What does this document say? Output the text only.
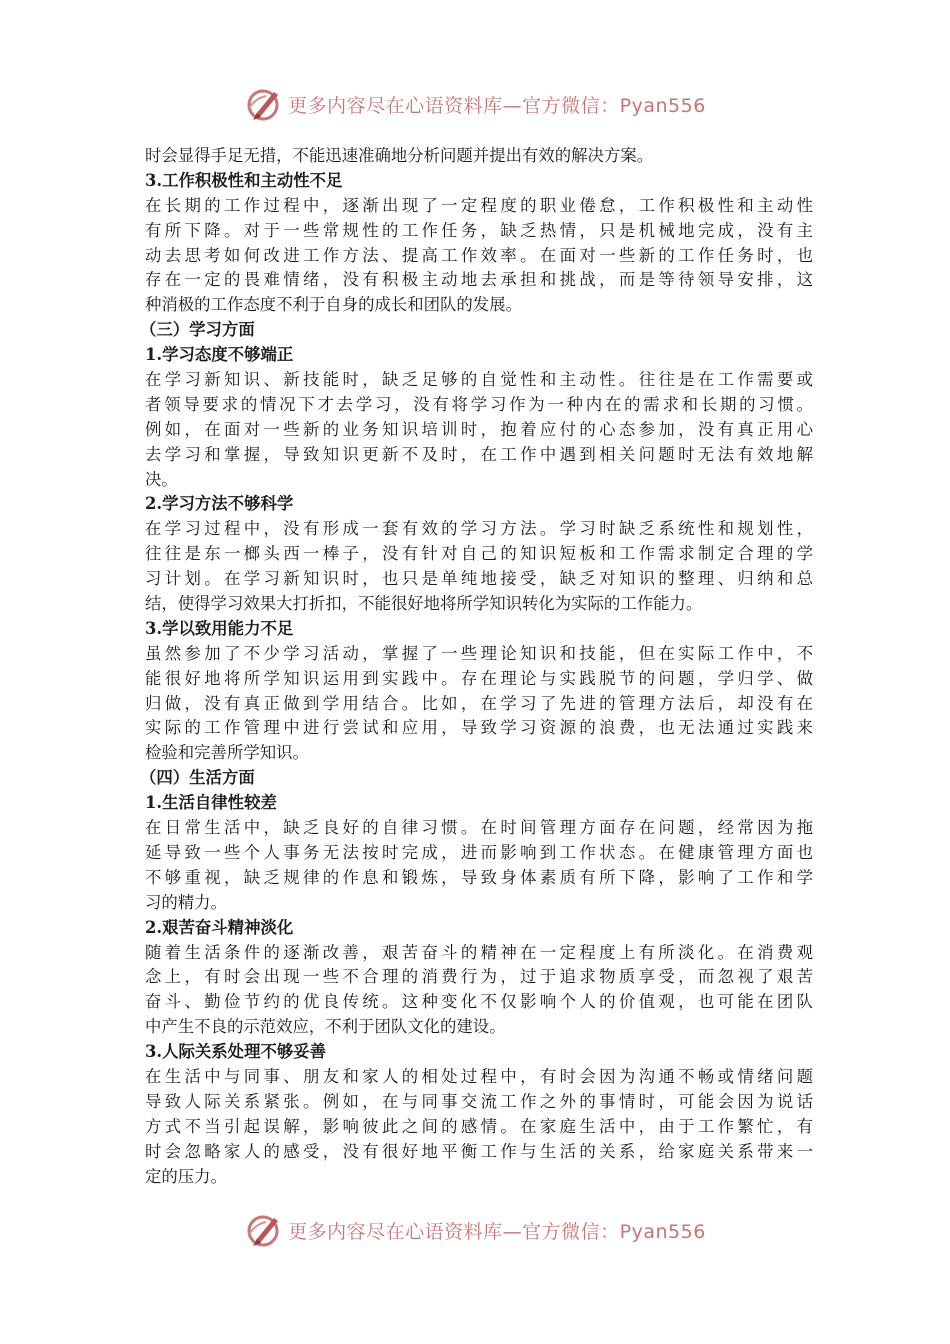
更多内容尽在心语资料库—官方微信：Pyan556
时会显得手足无措，不能迅速准确地分析问题并提出有效的解决方案。
3.工作积极性和主动性不足
在长期的工作过程中，逐渐出现了一定程度的职业倦怠，工作积极性和主动性
有所下降。对于一些常规性的工作任务，缺乏热情，只是机械地完成，没有主
动去思考如何改进工作方法、提高工作效率。在面对一些新的工作任务时，也
存在一定的畏难情绪，没有积极主动地去承担和挑战，而是等待领导安排，这
种消极的工作态度不利于自身的成长和团队的发展。
（三）学习方面
1.学习态度不够端正
在学习新知识、新技能时，缺乏足够的自觉性和主动性。往往是在工作需要或
者领导要求的情况下才去学习，没有将学习作为一种内在的需求和长期的习惯。
例如，在面对一些新的业务知识培训时，抱着应付的心态参加，没有真正用心
去学习和掌握，导致知识更新不及时，在工作中遇到相关问题时无法有效地解
决。
2.学习方法不够科学
在学习过程中，没有形成一套有效的学习方法。学习时缺乏系统性和规划性，
往往是东一榔头西一棒子，没有针对自己的知识短板和工作需求制定合理的学
习计划。在学习新知识时，也只是单纯地接受，缺乏对知识的整理、归纳和总
结，使得学习效果大打折扣，不能很好地将所学知识转化为实际的工作能力。
3.学以致用能力不足
虽然参加了不少学习活动，掌握了一些理论知识和技能，但在实际工作中，不
能很好地将所学知识运用到实践中。存在理论与实践脱节的问题，学归学、做
归做，没有真正做到学用结合。比如，在学习了先进的管理方法后，却没有在
实际的工作管理中进行尝试和应用，导致学习资源的浪费，也无法通过实践来
检验和完善所学知识。
（四）生活方面
1.生活自律性较差
在日常生活中，缺乏良好的自律习惯。在时间管理方面存在问题，经常因为拖
延导致一些个人事务无法按时完成，进而影响到工作状态。在健康管理方面也
不够重视，缺乏规律的作息和锻炼，导致身体素质有所下降，影响了工作和学
习的精力。
2.艰苦奋斗精神淡化
随着生活条件的逐渐改善，艰苦奋斗的精神在一定程度上有所淡化。在消费观
念上，有时会出现一些不合理的消费行为，过于追求物质享受，而忽视了艰苦
奋斗、勤俭节约的优良传统。这种变化不仅影响个人的价值观，也可能在团队
中产生不良的示范效应，不利于团队文化的建设。
3.人际关系处理不够妥善
在生活中与同事、朋友和家人的相处过程中，有时会因为沟通不畅或情绪问题
导致人际关系紧张。例如，在与同事交流工作之外的事情时，可能会因为说话
方式不当引起误解，影响彼此之间的感情。在家庭生活中，由于工作繁忙，有
时会忽略家人的感受，没有很好地平衡工作与生活的关系，给家庭关系带来一
定的压力。
更多内容尽在心语资料库—官方微信：Pyan556
